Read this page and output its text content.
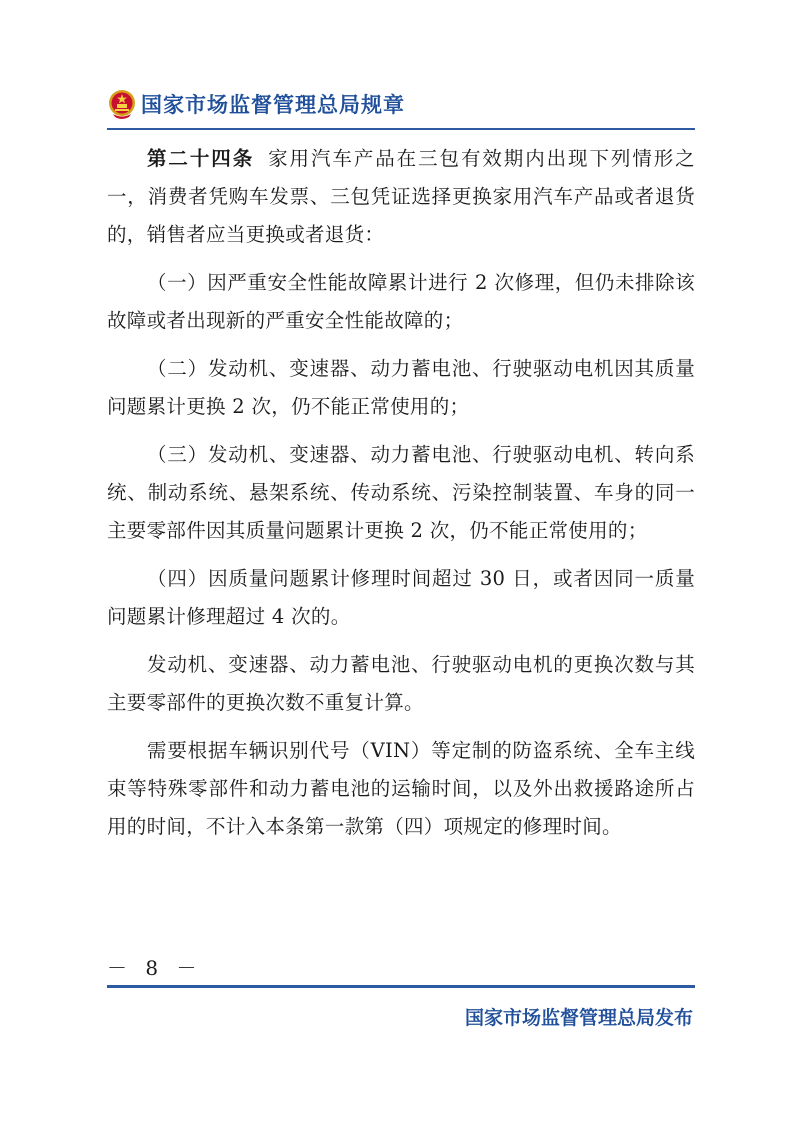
国家市场监督管理总局规章

第二十四条 家用汽车产品在三包有效期内出现下列情形之一，消费者凭购车发票、三包凭证选择更换家用汽车产品或者退货的，销售者应当更换或者退货：

（一）因严重安全性能故障累计进行 2 次修理，但仍未排除该故障或者出现新的严重安全性能故障的；

（二）发动机、变速器、动力蓄电池、行驶驱动电机因其质量问题累计更换 2 次，仍不能正常使用的；

（三）发动机、变速器、动力蓄电池、行驶驱动电机、转向系统、制动系统、悬架系统、传动系统、污染控制装置、车身的同一主要零部件因其质量问题累计更换 2 次，仍不能正常使用的；

（四）因质量问题累计修理时间超过 30 日，或者因同一质量问题累计修理超过 4 次的。

发动机、变速器、动力蓄电池、行驶驱动电机的更换次数与其主要零部件的更换次数不重复计算。

需要根据车辆识别代号（VIN）等定制的防盗系统、全车主线束等特殊零部件和动力蓄电池的运输时间，以及外出救援路途所占用的时间，不计入本条第一款第（四）项规定的修理时间。

－ 8 －
国家市场监督管理总局发布
